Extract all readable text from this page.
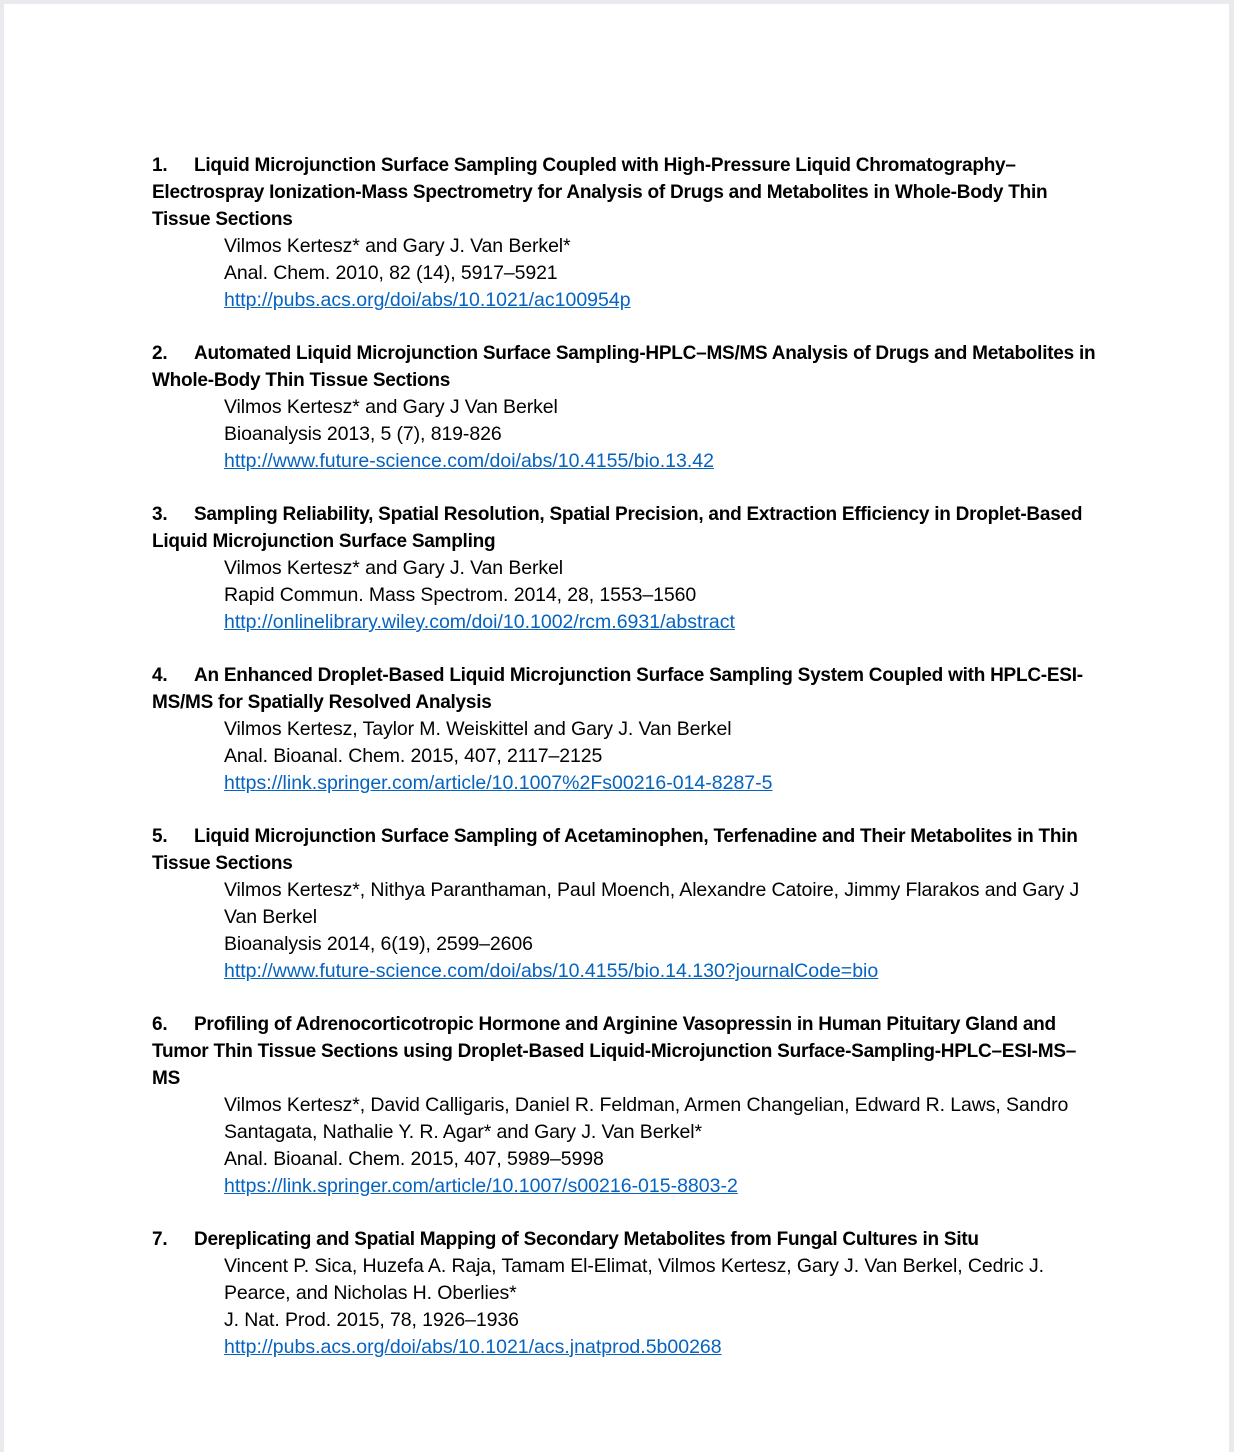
1. Liquid Microjunction Surface Sampling Coupled with High-Pressure Liquid Chromatography–Electrospray Ionization-Mass Spectrometry for Analysis of Drugs and Metabolites in Whole-Body Thin Tissue Sections
Vilmos Kertesz* and Gary J. Van Berkel*
Anal. Chem. 2010, 82 (14), 5917–5921
http://pubs.acs.org/doi/abs/10.1021/ac100954p
2. Automated Liquid Microjunction Surface Sampling-HPLC–MS/MS Analysis of Drugs and Metabolites in Whole-Body Thin Tissue Sections
Vilmos Kertesz* and Gary J Van Berkel
Bioanalysis 2013, 5 (7), 819-826
http://www.future-science.com/doi/abs/10.4155/bio.13.42
3. Sampling Reliability, Spatial Resolution, Spatial Precision, and Extraction Efficiency in Droplet-Based Liquid Microjunction Surface Sampling
Vilmos Kertesz* and Gary J. Van Berkel
Rapid Commun. Mass Spectrom. 2014, 28, 1553–1560
http://onlinelibrary.wiley.com/doi/10.1002/rcm.6931/abstract
4. An Enhanced Droplet-Based Liquid Microjunction Surface Sampling System Coupled with HPLC-ESI-MS/MS for Spatially Resolved Analysis
Vilmos Kertesz, Taylor M. Weiskittel and Gary J. Van Berkel
Anal. Bioanal. Chem. 2015, 407, 2117–2125
https://link.springer.com/article/10.1007%2Fs00216-014-8287-5
5. Liquid Microjunction Surface Sampling of Acetaminophen, Terfenadine and Their Metabolites in Thin Tissue Sections
Vilmos Kertesz*, Nithya Paranthaman, Paul Moench, Alexandre Catoire, Jimmy Flarakos and Gary J Van Berkel
Bioanalysis 2014, 6(19), 2599–2606
http://www.future-science.com/doi/abs/10.4155/bio.14.130?journalCode=bio
6. Profiling of Adrenocorticotropic Hormone and Arginine Vasopressin in Human Pituitary Gland and Tumor Thin Tissue Sections using Droplet-Based Liquid-Microjunction Surface-Sampling-HPLC–ESI-MS–MS
Vilmos Kertesz*, David Calligaris, Daniel R. Feldman, Armen Changelian, Edward R. Laws, Sandro Santagata, Nathalie Y. R. Agar* and Gary J. Van Berkel*
Anal. Bioanal. Chem. 2015, 407, 5989–5998
https://link.springer.com/article/10.1007/s00216-015-8803-2
7. Dereplicating and Spatial Mapping of Secondary Metabolites from Fungal Cultures in Situ
Vincent P. Sica, Huzefa A. Raja, Tamam El-Elimat, Vilmos Kertesz, Gary J. Van Berkel, Cedric J. Pearce, and Nicholas H. Oberlies*
J. Nat. Prod. 2015, 78, 1926–1936
http://pubs.acs.org/doi/abs/10.1021/acs.jnatprod.5b00268
